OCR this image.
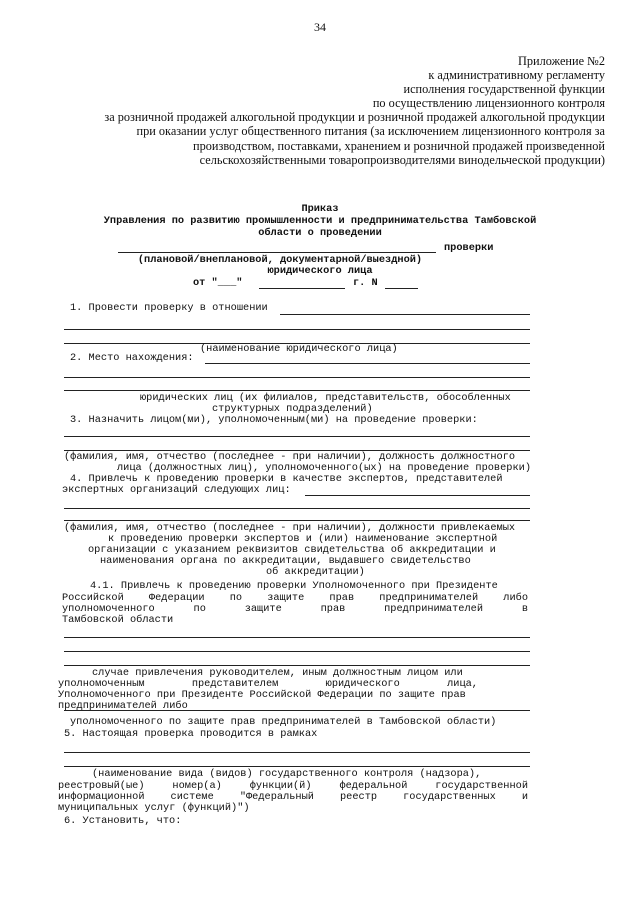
34
Приложение №2
к административному регламенту
исполнения государственной функции
по осуществлению лицензионного контроля
за розничной продажей алкогольной продукции и розничной продажей алкогольной продукции
при оказании услуг общественного питания (за исключением лицензионного контроля за
производством, поставками, хранением и розничной продажей произведенной
сельскохозяйственными товаропроизводителями винодельческой продукции)
Приказ
Управления по развитию промышленности и предпринимательства Тамбовской
области о проведении
проверки
(плановой/внеплановой, документарной/выездной)
юридического лица
от "___"	г. N
1. Провести проверку в отношении
(наименование юридического лица)
2. Место нахождения:
юридических лиц (их филиалов, представительств, обособленных
структурных подразделений)
3. Назначить лицом(ми), уполномоченным(ми) на проведение проверки:
(фамилия, имя, отчество (последнее - при наличии), должность должностного
лица (должностных лиц), уполномоченного(ых) на проведение проверки)
4. Привлечь к проведению проверки в качестве экспертов, представителей
экспертных организаций следующих лиц:
(фамилия, имя, отчество (последнее - при наличии), должности привлекаемых
к проведению проверки экспертов и (или) наименование экспертной
организации с указанием реквизитов свидетельства об аккредитации и
наименования органа по аккредитации, выдавшего свидетельство
об аккредитации)
4.1. Привлечь к проведению проверки Уполномоченного при Президенте
Российской Федерации по защите прав предпринимателей либо
уполномоченного по защите прав предпринимателей в
Тамбовской области
случае привлечения руководителем, иным должностным лицом или
уполномоченным представителем юридического лица,
Уполномоченного при Президенте Российской Федерации по защите прав
предпринимателей либо
уполномоченного по защите прав предпринимателей в Тамбовской области)
5. Настоящая проверка проводится в рамках
(наименование вида (видов) государственного контроля (надзора),
реестровый(ые) номер(а) функции(й) федеральной государственной
информационной системе "Федеральный реестр государственных и
муниципальных услуг (функций)")
6. Установить, что:
